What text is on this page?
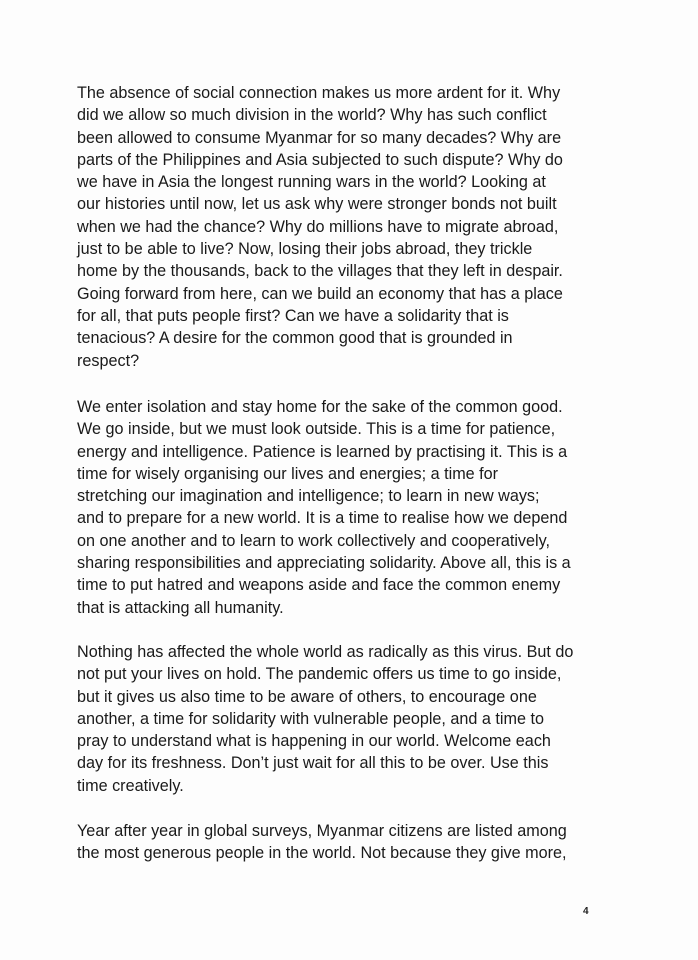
The absence of social connection makes us more ardent for it. Why
did we allow so much division in the world? Why has such conflict
been allowed to consume Myanmar for so many decades? Why are
parts of the Philippines and Asia subjected to such dispute? Why do
we have in Asia the longest running wars in the world? Looking at
our histories until now, let us ask why were stronger bonds not built
when we had the chance? Why do millions have to migrate abroad,
just to be able to live? Now, losing their jobs abroad, they trickle
home by the thousands, back to the villages that they left in despair.
Going forward from here, can we build an economy that has a place
for all, that puts people first? Can we have a solidarity that is
tenacious? A desire for the common good that is grounded in
respect?

We enter isolation and stay home for the sake of the common good.
We go inside, but we must look outside. This is a time for patience,
energy and intelligence. Patience is learned by practising it. This is a
time for wisely organising our lives and energies; a time for
stretching our imagination and intelligence; to learn in new ways;
and to prepare for a new world. It is a time to realise how we depend
on one another and to learn to work collectively and cooperatively,
sharing responsibilities and appreciating solidarity. Above all, this is a
time to put hatred and weapons aside and face the common enemy
that is attacking all humanity.

Nothing has affected the whole world as radically as this virus. But do
not put your lives on hold. The pandemic offers us time to go inside,
but it gives us also time to be aware of others, to encourage one
another, a time for solidarity with vulnerable people, and a time to
pray to understand what is happening in our world. Welcome each
day for its freshness. Don’t just wait for all this to be over. Use this
time creatively.

Year after year in global surveys, Myanmar citizens are listed among
the most generous people in the world. Not because they give more,

4
